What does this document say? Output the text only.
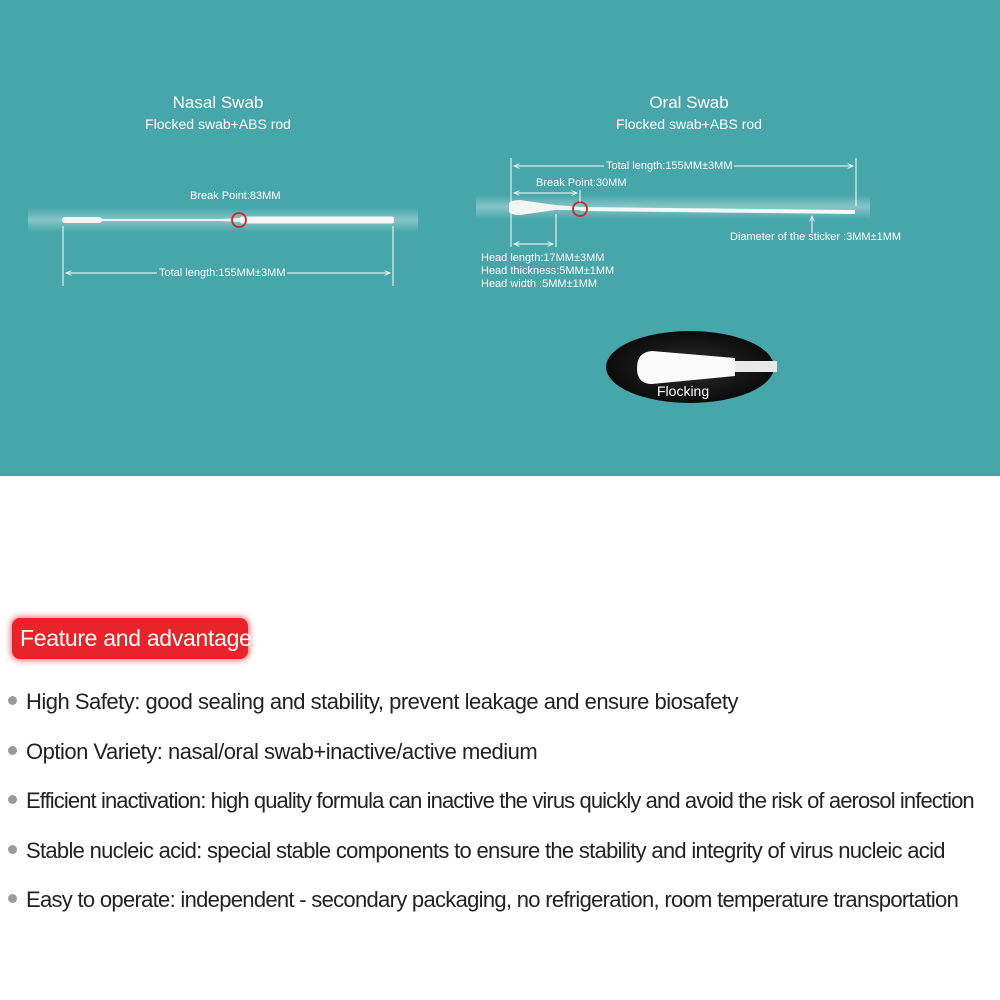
Nasal Swab
Flocked swab+ABS rod
Break Point:83MM
Total length:155MM±3MM
Oral Swab
Flocked swab+ABS rod
Total length:155MM±3MM
Break Point:30MM
Diameter of the sticker :3MM±1MM
Head length:17MM±3MM
Head thickness:5MM±1MM
Head width :5MM±1MM
Flocking
Feature and advantage
High Safety: good sealing and stability, prevent leakage and ensure biosafety
Option Variety: nasal/oral swab+inactive/active medium
Efficient inactivation: high quality formula can inactive the virus quickly and avoid the risk of aerosol infection
Stable nucleic acid: special stable components to ensure the stability and integrity of virus nucleic acid
Easy to operate: independent - secondary packaging, no refrigeration, room temperature transportation
